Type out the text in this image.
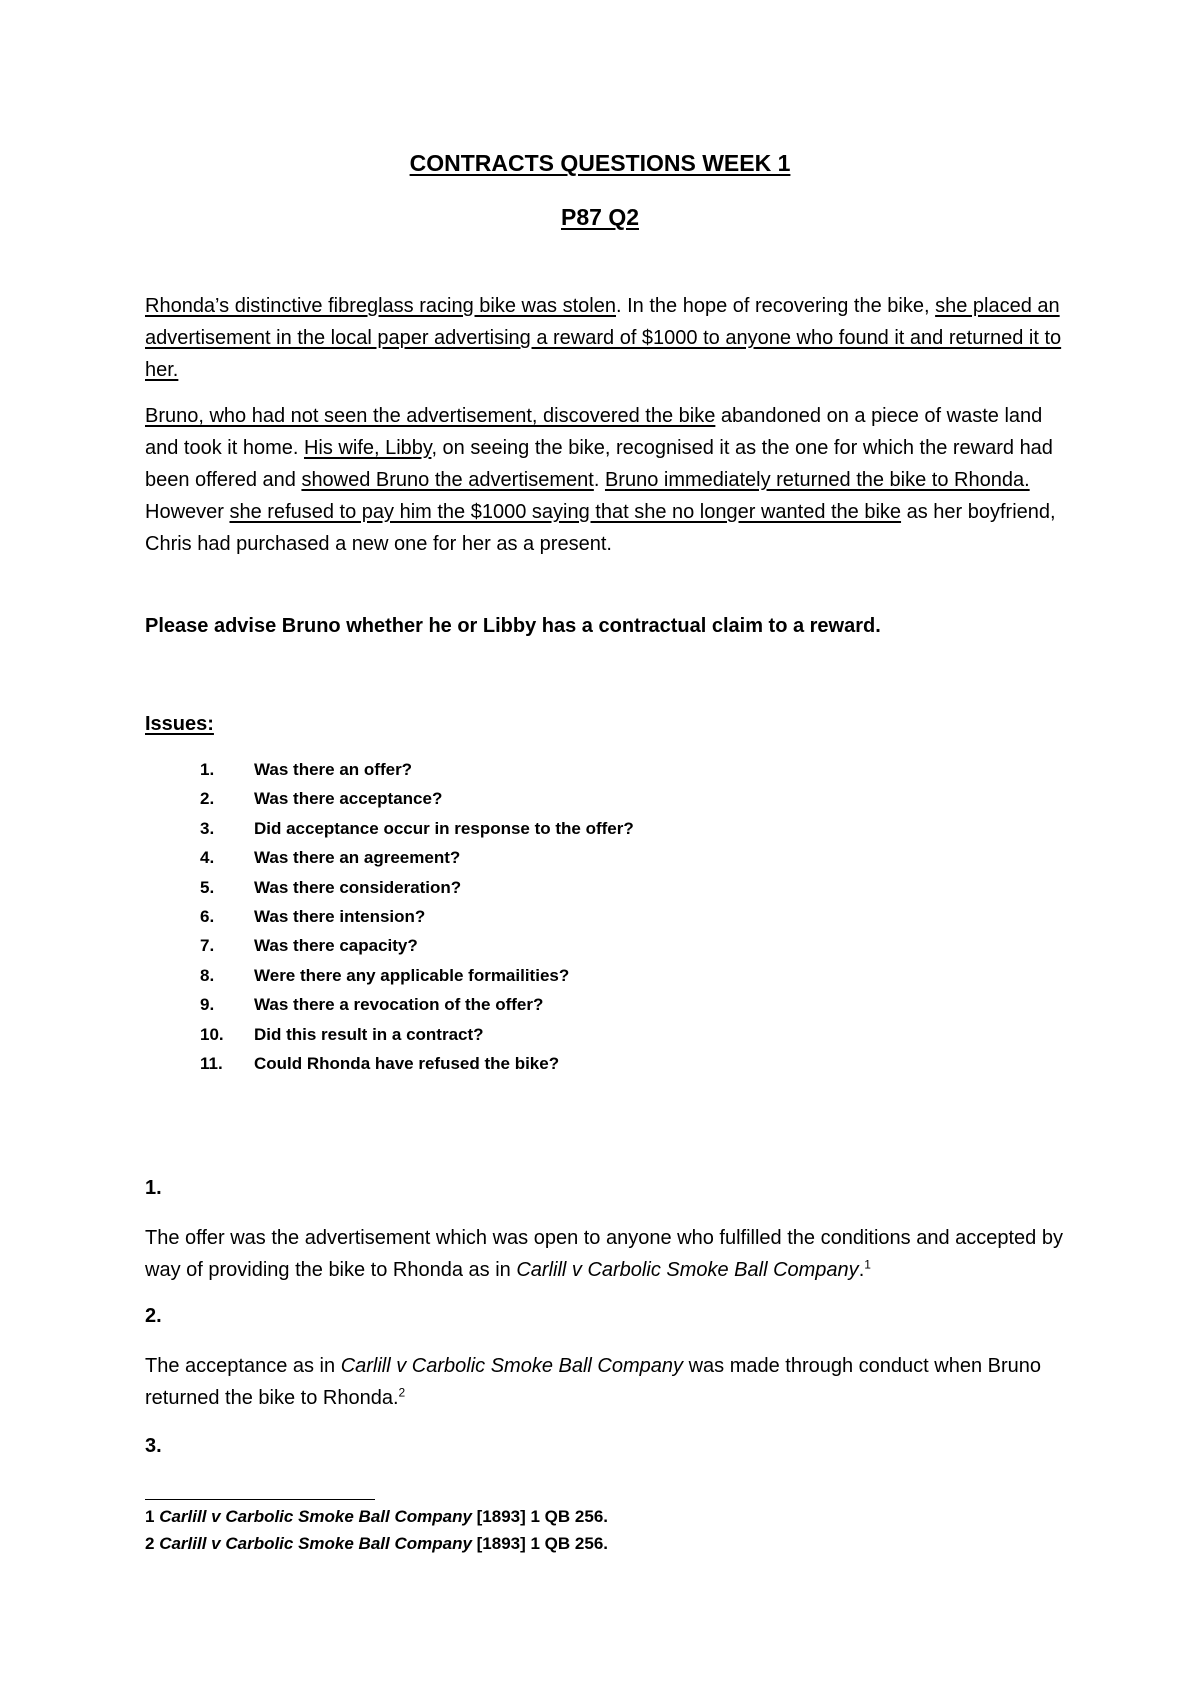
CONTRACTS QUESTIONS WEEK 1
P87 Q2

Rhonda’s distinctive fibreglass racing bike was stolen. In the hope of recovering the bike, she placed an advertisement in the local paper advertising a reward of $1000 to anyone who found it and returned it to her.

Bruno, who had not seen the advertisement, discovered the bike abandoned on a piece of waste land and took it home. His wife, Libby, on seeing the bike, recognised it as the one for which the reward had been offered and showed Bruno the advertisement. Bruno immediately returned the bike to Rhonda. However she refused to pay him the $1000 saying that she no longer wanted the bike as her boyfriend, Chris had purchased a new one for her as a present.

Please advise Bruno whether he or Libby has a contractual claim to a reward.

Issues:
1. Was there an offer?
2. Was there acceptance?
3. Did acceptance occur in response to the offer?
4. Was there an agreement?
5. Was there consideration?
6. Was there intension?
7. Was there capacity?
8. Were there any applicable formailities?
9. Was there a revocation of the offer?
10. Did this result in a contract?
11. Could Rhonda have refused the bike?
1.

The offer was the advertisement which was open to anyone who fulfilled the conditions and accepted by way of providing the bike to Rhonda as in Carlill v Carbolic Smoke Ball Company.$^1$

2.

The acceptance as in Carlill v Carbolic Smoke Ball Company was made through conduct when Bruno returned the bike to Rhonda.$^2$

3.
1 Carlill v Carbolic Smoke Ball Company [1893] 1 QB 256.
2 Carlill v Carbolic Smoke Ball Company [1893] 1 QB 256.
